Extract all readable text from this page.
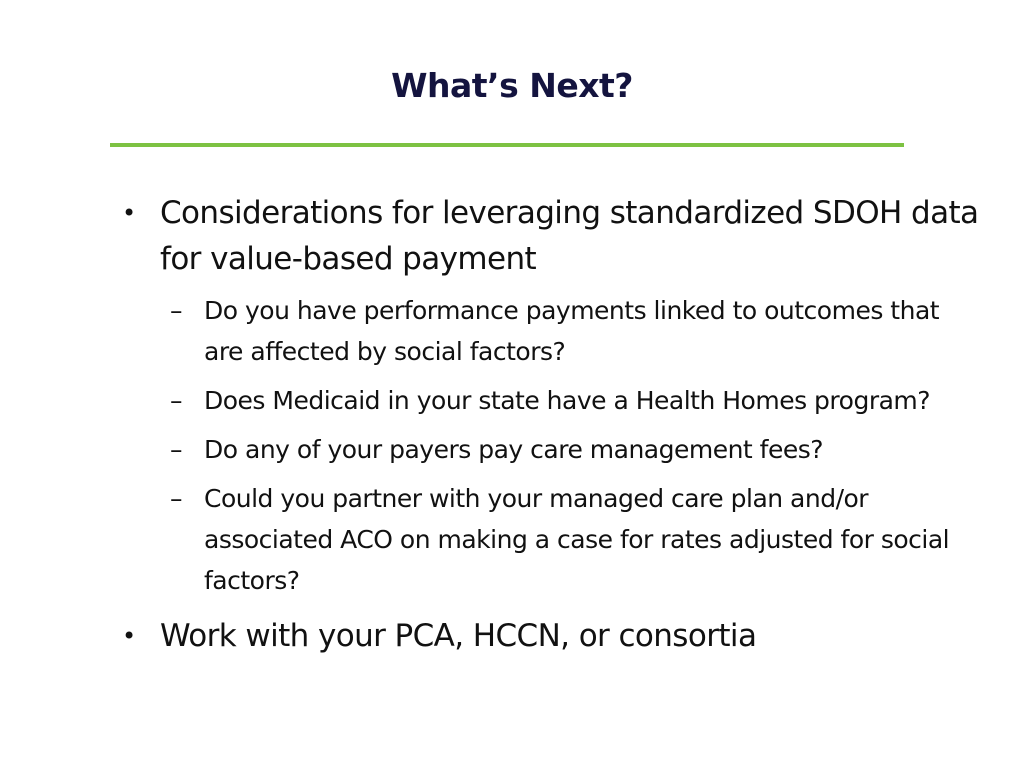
What’s Next?
• Considerations for leveraging standardized SDOH data for value-based payment
– Do you have performance payments linked to outcomes that are affected by social factors?
– Does Medicaid in your state have a Health Homes program?
– Do any of your payers pay care management fees?
– Could you partner with your managed care plan and/or associated ACO on making a case for rates adjusted for social factors?
• Work with your PCA, HCCN, or consortia
